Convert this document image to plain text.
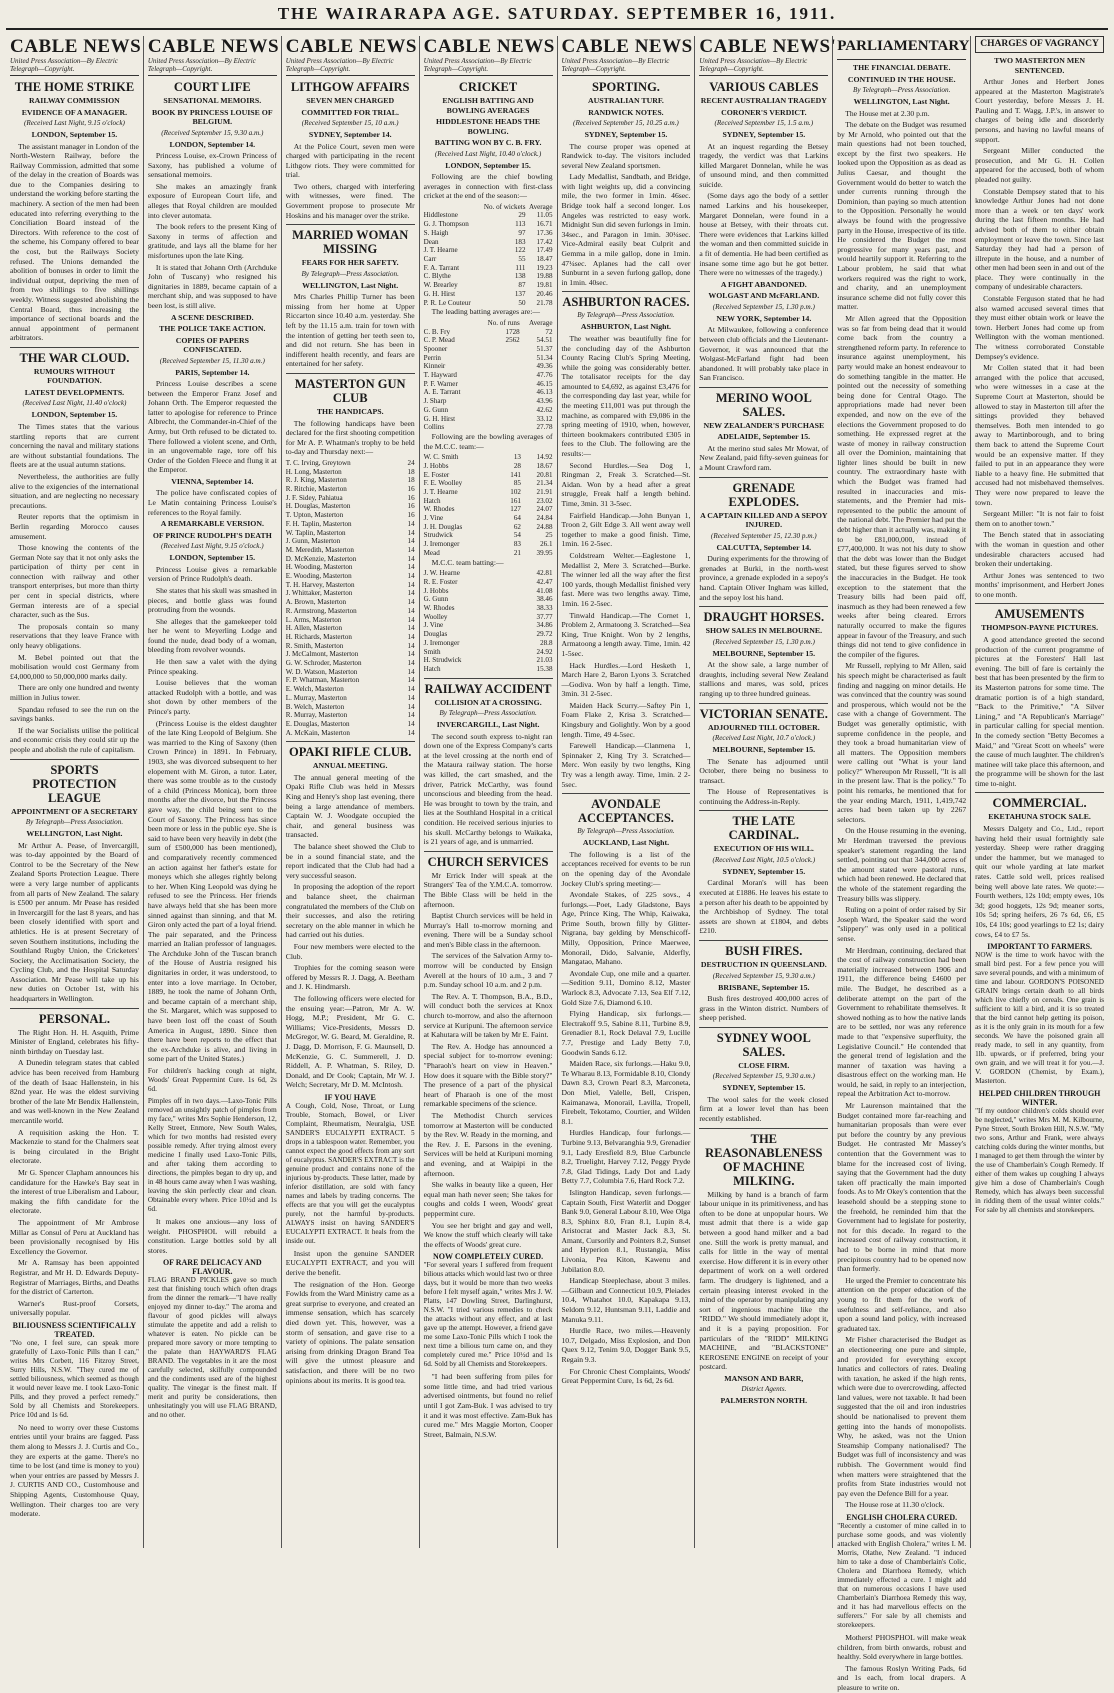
THE WAIRARAPA AGE. SATURDAY. SEPTEMBER 16, 1911.
CABLE NEWS
United Press Association—By Electric Telegraph—Copyright.
THE HOME STRIKE
RAILWAY COMMISSION
EVIDENCE OF A MANAGER.
(Received Last Night, 9.15 o'clock)
LONDON, September 15.

The assistant manager in London of the North-Western Railway, before the Railway Commission, admitted that some of the delay in the creation of Boards was due to the Companies desiring to understand the working before starting the machinery. A section of the men had been educated into referring everything to the Conciliation Board instead of the Directors. With reference to the cost of the scheme, his Company offered to bear the cost, but the Railways Society refused. The Unions demanded the abolition of bonuses in order to limit the individual output, depriving the men of from two shillings to five shillings weekly. Witness suggested abolishing the Central Board, thus increasing the importance of sectional boards and the annual appointment of permanent arbitrators.

THE WAR CLOUD.
RUMOURS WITHOUT FOUNDATION.
LATEST DEVELOPMENTS.
(Received Last Night, 11.40 o'clock)
LONDON, September 15.

The Times states that the various startling reports that are current concerning the naval and military stations are without substantial foundations. The fleets are at the usual autumn stations.

Nevertheless, the authorities are fully alive to the exigencies of the international situation, and are neglecting no necessary precautions.

Reuter reports that the optimism in Berlin regarding Morocco causes amusement.

Those knowing the contents of the German Note say that it not only asks the participation of thirty per cent in connection with railway and other transport enterprises, but more than thirty per cent in special districts, where German interests are of a special character, such as the Sus.

The proposals contain so many reservations that they leave France with only heavy obligations.

M. Bebel pointed out that the mobilisation would cost Germany from £4,000,000 to 50,000,000 marks daily.

There are only one hundred and twenty million in Julius tower.

Spandau refused to see the run on the savings banks.

If the war Socialists utilise the political and economic crisis they could stir up the people and abolish the rule of capitalism.

SPORTS PROTECTION LEAGUE
APPOINTMENT OF A SECRETARY
By Telegraph—Press Association.
WELLINGTON, Last Night.

Mr Arthur A. Pease, of Invercargill, was to-day appointed by the Board of Control to be the Secretary of the New Zealand Sports Protection League. There were a very large number of applicants from all parts of New Zealand. The salary is £500 per annum. Mr Pease has resided in Invercargill for the last 8 years, and has been closely identified with sport and athletics. He is at present Secretary of seven Southern institutions, including the Southland Rugby Union, the Cricketers' Society, the Acclimatisation Society, the Cycling Club, and the Hospital Saturday Association. Mr Pease will take up his new duties on October 1st, with his headquarters in Wellington.

PERSONAL.

The Right Hon. H. H. Asquith, Prime Minister of England, celebrates his fifty-ninth birthday on Tuesday last.

A Dunedin telegram states that cabled advice has been received from Hamburg of the death of Isaac Hallenstein, in his 82nd year. He was the eldest surviving brother of the late Mr Bendix Hallenstein, and was well-known in the New Zealand mercantile world.

A requisition asking the Hon. T. Mackenzie to stand for the Chalmers seat is being circulated in the Bright electorate.

Mr G. Spencer Clapham announces his candidature for the Hawke's Bay seat in the interest of true Liberalism and Labour, making the fifth candidate for the electorate.

The appointment of Mr Ambrose Millar as Consul of Peru at Auckland has been provisionally recognised by His Excellency the Governor.

Mr A. Ramsay has been appointed Registrar, and Mr H. D. Edwards Deputy-Registrar of Marriages, Births, and Deaths for the district of Carterton.

Warner's Rust-proof Corsets, universally popular.

BILIOUSNESS SCIENTIFICALLY TREATED.
"No one, I feel sure, can speak more gratefully of Laxo-Tonic Pills than I can," writes Mrs Corbett, 116 Fitzroy Street, Surry Hills, N.S.W. "They cured me of settled biliousness, which seemed as though it would never leave me. I took Laxo-Tonic Pills, and they proved a perfect remedy." Sold by all Chemists and Storekeepers. Price 10d and 1s 6d.

No need to worry over these Customs entries until your brains are fagged. Pass them along to Messrs J. J. Curtis and Co., they are experts at the game. There's no time to be lost (and time is money to you) when your entries are passed by Messrs J. J. CURTIS AND CO., Customhouse and Shipping Agents, Customhouse Quay, Wellington. Their charges too are very moderate.

CABLE NEWS
United Press Association—By Electric Telegraph—Copyright.
COURT LIFE
SENSATIONAL MEMOIRS.
BOOK BY PRINCESS LOUISE OF BELGIUM.
(Received September 15, 9.30 a.m.)
LONDON, September 14.

Princess Louise, ex-Crown Princess of Saxony, has published a volume of sensational memoirs.

She makes an amazingly frank exposure of European Court life, and alleges that Royal children are moulded into clever automata.

The book refers to the present King of Saxony in terms of affection and gratitude, and lays all the blame for her misfortunes upon the late King.

It is stated that Johann Orth (Archduke John of Tuscany) who resigned his dignitaries in 1889, became captain of a merchant ship, and was supposed to have been lost, is still alive.

A SCENE DESCRIBED.
THE POLICE TAKE ACTION.
COPIES OF PAPERS CONFISCATED.
(Received September 15, 11.30 a.m.)
PARIS, September 14.

Princess Louise describes a scene between the Emperor Franz Josef and Johann Orth. The Emperor requested the latter to apologise for reference to Prince Albrecht, the Commander-in-Chief of the Army, but Orth refused to be dictated to. There followed a violent scene, and Orth, in an ungovernable rage, tore off his Order of the Golden Fleece and flung it at the Emperor.

VIENNA, September 14.

The police have confiscated copies of Le Matin containing Princess Louise's references to the Royal family.

A REMARKABLE VERSION.
OF PRINCE RUDOLPH'S DEATH
(Received Last Night, 9.15 o'clock.)
LONDON, September 15.

Princess Louise gives a remarkable version of Prince Rudolph's death.

She states that his skull was smashed in pieces, and bottle glass was found protruding from the wounds.

She alleges that the gamekeeper told her he went to Meyerling Lodge and found the nude, dead body of a woman, bleeding from revolver wounds.

He then saw a valet with the dying Prince speaking.

Louise believes that the woman attacked Rudolph with a bottle, and was shot down by other members of the Prince's party.

(Princess Louise is the eldest daughter of the late King Leopold of Belgium. She was married to the King of Saxony (then Crown Prince) in 1891. In February, 1903, she was divorced subsequent to her elopement with M. Giron, a tutor. Later, there was some trouble as to the custody of a child (Princess Monica), born three months after the divorce, but the Princess gave way, the child being sent to the Court of Saxony. The Princess has since been more or less in the public eye. She is said to have been very heavily in debt (the sum of £500,000 has been mentioned), and comparatively recently commenced an action against her father's estate for moneys which she alleges rightly belong to her. When King Leopold was dying he refused to see the Princess. Her friends have always held that she has been more sinned against than sinning, and that M. Giron only acted the part of a loyal friend. The pair separated, and the Princess married an Italian professor of languages. The Archduke John of the Tuscan branch of the House of Austria resigned his dignitaries in order, it was understood, to enter into a love marriage. In October, 1889, he took the name of Johann Orth, and became captain of a merchant ship, the St. Margaret, which was supposed to have been lost off the coast of South America in August, 1890. Since then there have been reports to the effect that the ex-Archduke is alive, and living in some part of the United States.)

For children's hacking cough at night, Woods' Great Peppermint Cure. 1s 6d, 2s 6d.
Pimples off in two days.—Laxo-Tonic Pills removed an unsightly patch of pimples from my face," writes Mrs Sophie Henderson, 12, Kelly Street, Enmore, New South Wales, which for two months had resisted every possible remedy. After trying almost every medicine I finally used Laxo-Tonic Pills, and after taking them according to directions, the pimples began to dry up, and in 48 hours came away when I was washing, leaving the skin perfectly clear and clean. Obtainable every where. Price 10½d and 1s 6d.

It makes one anxious—any loss of weight. PHOSPHOL will rebuild a constitution. Large bottles sold by all stores.

OF RARE DELICACY AND FLAVOUR.
FLAG BRAND PICKLES gave so much zest that finishing touch which often drags from the dinner the remark—"I have really enjoyed my dinner to-day." The aroma and flavour of good pickles will always stimulate the appetite and add a relish to whatever is eaten. No pickle can be prepared more savory or more tempting to the palate than HAYWARD'S FLAG BRAND. The vegetables in it are the most carefully selected, skilfully compounded and the condiments used are of the highest quality. The vinegar is the finest malt. If merit and purity be considerations, then unhesitatingly you will use FLAG BRAND, and no other.
CABLE NEWS
United Press Association—By Electric Telegraph—Copyright.
LITHGOW AFFAIRS
SEVEN MEN CHARGED
COMMITTED FOR TRIAL.
(Received September 15, 10 a.m.)
SYDNEY, September 14.

At the Police Court, seven men were charged with participating in the recent Lithgow riots. They were committed for trial.

Two others, charged with interfering with witnesses, were fined. The Government propose to prosecute Mr Hoskins and his manager over the strike.

MARRIED WOMAN MISSING
FEARS FOR HER SAFETY.
By Telegraph—Press Association.
WELLINGTON, Last Night.

Mrs Charles Phillip Turner has been missing from her home at Upper Riccarton since 10.40 a.m. yesterday. She left by the 11.15 a.m. train for town with the intention of getting her teeth seen to, and did not return. She has been in indifferent health recently, and fears are entertained for her safety.

MASTERTON GUN CLUB
THE HANDICAPS.

The following handicaps have been declared for the first shooting competition for Mr A. P. Whatman's trophy to be held to-day and Thursday next:—

T. C. Irving, Greytown	24
H. Long, Masterton	18
R. J. King, Masterton	18
R. Ritchie, Masterton	16
J. F. Sidey, Pahiatua	16
H. Douglas, Masterton	16
T. Upton, Masterton	16
F. H. Taplin, Masterton	14
W. Taplin, Masterton	14
J. Gunn, Masterton	14
M. Meredith, Masterton	14
D. McKenzie, Masterton	14
H. Wooding, Masterton	14
E. Wooding, Masterton	14
T. H. Harvey, Masterton	14
J. Whittaker, Masterton	14
A. Brown, Masterton	14
R. Armstrong, Masterton	14
L. Arms, Masterton	14
H. Allen, Masterton	14
H. Richards, Masterton	14
R. Smith, Masterton	14
J. McCalmont, Masterton	14
G. W. Schroder, Masterton	14
W. D. Watson, Masterton	14
F. P. Whatman, Masterton	14
E. Welch, Masterton	14
L. Murray, Masterton	14
B. Welch, Masterton	14
R. Murray, Masterton	14
E. Douglas, Masterton	14
A. McKain, Masterton	14
OPAKI RIFLE CLUB.
ANNUAL MEETING.

The annual general meeting of the Opaki Rifle Club was held in Messrs King and Henry's shop last evening, there being a large attendance of members. Captain W. J. Woodgate occupied the chair, and general business was transacted.

The balance sheet showed the Club to be in a sound financial state, and the report indicated that the Club had had a very successful season.

In proposing the adoption of the report and balance sheet, the chairman congratulated the members of the Club on their successes, and also the retiring secretary on the able manner in which he had carried out his duties.

Four new members were elected to the Club.

Trophies for the coming season were offered by Messrs R. J. Dagg, A. Beetham and J. K. Hindmarsh.

The following officers were elected for the ensuing year:—Patron, Mr A. W. Hogg, M.P.; President, Mr G. C. Williams; Vice-Presidents, Messrs D. McGregor, W. G. Beard, M. Geraldine, R. J. Dagg, D. Morrison, F. G. Maunsell, D. McKenzie, G. C. Summerell, J. D. Riddell, A. P. Whatman, S. Riley, D. Donald, and Dr Cook; Captain, Mr W. J. Welch; Secretary, Mr D. M. McIntosh.

IF YOU HAVE
A Cough, Cold, Nose, Throat, or Lung Trouble, Stomach, Bowel, or Liver Complaint, Rheumatism, Neuralgia, USE SANDER'S EUCALYPTI EXTRACT. 5 drops in a tablespoon water. Remember, you cannot expect the good effects from any sort of eucalyptus. SANDER'S EXTRACT is the genuine product and contains none of the injurious by-products. These latter, made by inferior distillation, are sold with fancy names and labels by trading concerns. The effects are that you will get the eucalyptus purely, not the harmful by-products. ALWAYS insist on having SANDER'S EUCALYPTI EXTRACT. It heals from the inside out.

Insist upon the genuine SANDER EUCALYPTI EXTRACT, and you will derive the benefit.

The resignation of the Hon. George Fowlds from the Ward Ministry came as a great surprise to everyone, and created an immense sensation, which has scarcely died down yet. This, however, was a storm of sensation, and gave rise to a variety of opinions. The palate sensation arising from drinking Dragon Brand Tea will give the utmost pleasure and satisfaction, and there will be no two opinions about its merits. It is good tea.

CABLE NEWS
United Press Association—By Electric Telegraph—Copyright.
CRICKET
ENGLISH BATTING AND BOWLING AVERAGES
HIDDLESTONE HEADS THE BOWLING.
BATTING WON BY C. B. FRY.
(Received Last Night, 10.40 o'clock.)
LONDON, September 15.

Following are the chief bowling averages in connection with first-class cricket at the end of the season:—

	No. of wickets	Average
Hiddlestone	29	11.05
G. J. Thompson	113	16.71
S. Haigh	97	17.36
Dean	183	17.42
J. T. Hearne	122	17.49
Carr	55	18.47
F. A. Tarrant	111	19.23
C. Blythe	138	19.88
W. Brearley	87	19.81
G. H. Hirst	137	20.46
P. R. Le Couteur	50	21.78

The leading batting averages are:—

	No. of runs	Average
C. B. Fry	1728	72
C. P. Mead	2562	54.51
Spooner		51.37
Perrin		51.34
Kinneir		49.36
T. Hayward		47.76
P. F. Warner		46.15
A. E. Tarrant		46.13
J. Sharp		43.96
G. Gunn		42.62
G. H. Hirst		33.12
Collins		27.78

Following are the bowling averages of the M.C.C. team:—

W. C. Smith	13	14.92
J. Hobbs	28	18.67
E. Foster	141	20.81
F. E. Woolley	85	21.34
J. T. Hearne	102	21.91
Hatch	161	23.02
W. Rhodes	127	24.07
J. Vine	64	24.84
J. H. Douglas	62	24.88
Strudwick	54	25
J. Iremonger	83	26.1
Mead	21	39.95

M.C.C. team batting:—

J. W. Hearne		42.81
R. E. Foster		42.47
J. Hobbs		41.08
G. Gunn		38.46
W. Rhodes		38.33
Woolley		37.77
J. Vine		34.86
Douglas		29.72
J. Iremonger		28.8
Smith		24.92
H. Strudwick		21.03
Hatch		15.38
RAILWAY ACCIDENT
COLLISION AT A CROSSING.
By Telegraph—Press Association.
INVERCARGILL, Last Night.

The second south express to-night ran down one of the Express Company's carts at the level crossing at the north end of the Mataura railway station. The horse was killed, the cart smashed, and the driver, Patrick McCarthy, was found unconscious and bleeding from the head. He was brought to town by the train, and lies at the Southland Hospital in a critical condition. He received serious injuries to his skull. McCarthy belongs to Waikaka, is 21 years of age, and is unmarried.

CHURCH SERVICES

Mr Errick Inder will speak at the Strangers' Tea of the Y.M.C.A. tomorrow. The Bible Class will be held in the afternoon.

Baptist Church services will be held in Murray's Hall to-morrow morning and evening. There will be a Sunday school and men's Bible class in the afternoon.

The services of the Salvation Army to-morrow will be conducted by Ensign Averell at the hours of 10 a.m., 3 and 7 p.m. Sunday school 10 a.m. and 2 p.m.

The Rev. A. T. Thompson, B.A., B.D., will conduct both the services at Knox church to-morrow, and also the afternoon service at Kuripuni. The afternoon service at Kahutara will be taken by Mr E. Faint.

The Rev. A. Hodge has announced a special subject for to-morrow evening: "Pharaoh's heart on view in Heaven." How does it square with the Bible story?" The presence of a part of the physical heart of Pharaoh is one of the most remarkable specimens of the science.

The Methodist Church services tomorrow at Masterton will be conducted by the Rev. W. Ready in the morning, and the Rev. J. E. Parsons in the evening. Services will be held at Kuripuni morning and evening, and at Waipipi in the afternoon.

She walks in beauty like a queen, Her equal man hath never seen; She takes for coughs and colds I ween, Woods' great peppermint cure.

You see her bright and gay and well, We know the stuff which clearly will take the effects of Woods' great cure.

NOW COMPLETELY CURED.
"For several years I suffered from frequent bilious attacks which would last two or three days, but it would be more than two weeks before I felt myself again," writes Mrs J. W. Platts, 147 Dowling Street, Darlinghurst, N.S.W. "I tried various remedies to check the attacks without any effect, and at last gave up the attempt. However, a friend gave me some Laxo-Tonic Pills which I took the next time a bilious turn came on, and they completely cured me." Price 10½d and 1s 6d. Sold by all Chemists and Storekeepers.

"I had been suffering from piles for some little time, and had tried various advertised ointments, but found no relief until I got Zam-Buk. I was advised to try it and it was most effective. Zam-Buk has cured me." Mrs Maggie Morton, Cooper Street, Balmain, N.S.W.

CABLE NEWS
United Press Association—By Electric Telegraph—Copyright.
SPORTING.
AUSTRALIAN TURF.
RANDWICK NOTES.
(Received September 15, 10.25 a.m.)
SYDNEY, September 15.

The course proper was opened at Randwick to-day. The visitors included several New Zealand sportsmen.

Lady Medallist, Sandbath, and Bridge, with light weights up, did a convincing mile, the two former in 1min. 46sec. Bridge took half a second longer. Los Angeles was restricted to easy work. Midnight Sun did seven furlongs in 1min. 34sec., and Paragon in 1min. 30¼sec. Vice-Admiral easily beat Culprit and Gemma in a mile gallop, done in 1min. 47¼sec. Aplanes had the call over Sunburnt in a seven furlong gallop, done in 1min. 40sec.

ASHBURTON RACES.
By Telegraph—Press Association.
ASHBURTON, Last Night.

The weather was beautifully fine for the concluding day of the Ashburton County Racing Club's Spring Meeting, while the going was considerably better. The totalisator receipts for the day amounted to £4,692, as against £3,476 for the corresponding day last year, while for the meeting £11,001 was put through the machine, as compared with £9,086 in the spring meeting of 1910, when, however, thirteen bookmakers contributed £305 in fees to the Club. The following are the results:—

Second Hurdles.—Sea Dog 1, Ringman 2, Freak 3. Scratched—St. Aidan. Won by a head after a great struggle, Freak half a length behind. Time, 3min. 31 3-5sec.

Fairfield Handicap.—John Bunyan 1, Troon 2, Gilt Edge 3. All went away well together to make a good finish. Time, 1min. 16 2-5sec.

Coldstream Welter.—Eaglestone 1, Medallist 2, Mere 3. Scratched—Burke. The winner led all the way after the first 100 yards, though Medallist finished very fast. Mere was two lengths away. Time, 1min. 16 2-5sec.

Tinwald Handicap.—The Cornet 1, Problem 2, Armatoong 3. Scratched—Sea King, True Knight. Won by 2 lengths, Armatoong a length away. Time, 1min. 42 1-5sec.

Hack Hurdles.—Lord Hesketh 1, March Hare 2, Baron Lyons 3. Scratched—Godiva. Won by half a length. Time, 3min. 31 2-5sec.

Maiden Hack Scurry.—Saftey Pin 1, Foam Flake 2, Krisa 3. Scratched—Kingsbury and Golightly. Won by a good length. Time, 49 4-5sec.

Farewell Handicap.—Clanmena 1, Spinnaker 2, King Try 3. Scratched—Merc. Won easily by two lengths, King Try was a length away. Time, 1min. 2 2-5sec.

AVONDALE ACCEPTANCES.
By Telegraph—Press Association.
AUCKLAND, Last Night.

The following is a list of the acceptances received for events to be run on the opening day of the Avondale Jockey Club's spring meeting:—

Avondale Stakes, of 225 sovs., 4 furlongs.—Poet, Lady Gladstone, Bays Age, Prince King, The Whip, Kaiwaka, Prime South, brown filly by Glitter-Nigrana, bay gelding by Menschicoff-Milly, Opposition, Prince Maerwee, Monorail, Dido, Salvanie, Alderfly, Mangatao, Mahano.

Avondale Cup, one mile and a quarter.—Sedition 9.11, Domino 8.12, Master Warlock 8.3, Advocate 7.13, Sea Elf 7.12, Gold Size 7.6, Diamond 6.10.

Flying Handicap, six furlongs.—Electrakoff 9.5, Sabine 8.11, Turbine 8.9, Grenadier 8.1, Rock Delaval 7.9, Lucille 7.7, Prestige and Lady Betty 7.0, Goodwin Sands 6.12.

Maiden Race, six furlongs.—Haku 9.0, Te Wharau 8.13, Formidable 8.10, Clondy Dawn 8.3, Crown Pearl 8.3, Marconeta, Don Miel, Valelle, Bell, Crispen, Kaimanawa, Monorail, Lavilla, Tropell, Firebelt, Tekotamo, Courtier, and Wilden 8.1.

Hurdles Handicap, four furlongs.—Turbine 9.13, Belvaranghia 9.9, Grenadier 9.1, Lady Eresfield 8.9, Blue Carbuncle 8.2, Truelight, Harvey 7.12, Peggy Pryde 7.8, Glad Tidings, Lady Dot and Lady Betty 7.7, Columbia 7.6, Hard Rock 7.2.

Islington Handicap, seven furlongs.—Captain South, First Waterlit and Dogger Bank 9.0, General Labour 8.10, Wee Olga 8.3, Sphinx 8.0, Fran 8.1, Lupin 8.4, Aristocrat and Master Jack 8.3, St. Amant, Cursorily and Pointers 8.2, Sunset and Hyperion 8.1, Rustangia, Miss Livonia, Pea Kiton, Kawenu and Jubilation 8.0.

Handicap Steeplechase, about 3 miles.—Gilbaun and Connecticut 10.9, Pleiades 10.4, Whatahot 10.0, Kapakapa 9.13, Seldom 9.12, Huntsman 9.11, Laddie and Manuka 9.11.

Hurdle Race, two miles.—Heavenly 10.7, Delgado, Miss Explosion, and Don Quex 9.12, Tenim 9.0, Dogger Bank 9.5, Regain 9.3.

For Chronic Chest Complaints, Woods' Great Peppermint Cure, 1s 6d, 2s 6d.

CABLE NEWS'
United Press Association—By Electric Telegraph—Copyright.
VARIOUS CABLES
RECENT AUSTRALIAN TRAGEDY
CORONER'S VERDICT.
(Received September 15, 1.5 a.m.)
SYDNEY, September 15.

At an inquest regarding the Betsey tragedy, the verdict was that Larkins killed Margaret Donnelan, while he was of unsound mind, and then committed suicide.

(Some days ago the body of a settler named Larkins and his housekeeper, Margaret Donnelan, were found in a house at Betsey, with their throats cut. There were evidences that Larkins killed the woman and then committed suicide in a fit of dementia. He had been certified as insane some time ago but he got better. There were no witnesses of the tragedy.)

A FIGHT ABANDONED.
WOLGAST AND McFARLAND.
(Received September 15, 1.30 p.m.)
NEW YORK, September 14.

At Milwaukee, following a conference between club officials and the Lieutenant-Governor, it was announced that the Wolgast-McFarland fight had been abandoned. It will probably take place in San Francisco.

MERINO WOOL SALES.
NEW ZEALANDER'S PURCHASE
ADELAIDE, September 15.

At the merino stud sales Mr Mowat, of New Zealand, paid fifty-seven guineas for a Mount Crawford ram.

GRENADE EXPLODES.
A CAPTAIN KILLED AND A SEPOY INJURED.
(Received September 15, 12.30 p.m.)
CALCUTTA, September 14.

During experiments for the throwing of grenades at Burki, in the north-west province, a grenade exploded in a sepoy's hand. Captain Oliver Ingham was killed, and the sepoy lost his hand.

DRAUGHT HORSES.
SHOW SALES IN MELBOURNE.
(Received September 15, 1.30 p.m.)
MELBOURNE, September 15.

At the show sale, a large number of draughts, including several New Zealand stallions and mares, was sold, prices ranging up to three hundred guineas.

VICTORIAN SENATE.
ADJOURNED TILL OCTOBER.
(Received Last Night, 10.7 o'clock.)
MELBOURNE, September 15.

The Senate has adjourned until October, there being no business to transact.

The House of Representatives is continuing the Address-in-Reply.

THE LATE CARDINAL.
EXECUTION OF HIS WILL.
(Received Last Night, 10.5 o'clock.)
SYDNEY, September 15.

Cardinal Moran's will has been executed at £1886. He leaves his estate to a person after his death to be appointed by the Archbishop of Sydney. The total assets are shown at £1804, and debts £210.

BUSH FIRES.
DESTRUCTION IN QUEENSLAND.
(Received September 15, 9.30 a.m.)
BRISBANE, September 15.

Bush fires destroyed 400,000 acres of grass in the Winton district. Numbers of sheep perished.

SYDNEY WOOL SALES.
CLOSE FIRM.
(Received September 15, 9.30 a.m.)
SYDNEY, September 15.

The wool sales for the week closed firm at a lower level than has been recently established.

THE REASONABLENESS OF MACHINE MILKING.

Milking by hand is a branch of farm labour unique in its primitiveness, and has often to be done at unpopular hours. We must admit that there is a wide gap between a good hand milker and a bad one. Still the work is pretty manual, and calls for little in the way of mental exercise. How different it is in every other department of work on a well ordered farm. The drudgery is lightened, and a certain pleasing interest evoked in the mind of the operator by manipulating any sort of ingenious machine like the "RIDD." We should immediately adopt it, and it is a paying proposition. For particulars of the "RIDD" MILKING MACHINE, and "BLACKSTONE" KEROSENE ENGINE on receipt of your postcard.

MANSON AND BARR,
District Agents.
PALMERSTON NORTH.
PARLIAMENTARY
THE FINANCIAL DEBATE.
CONTINUED IN THE HOUSE.
By Telegraph—Press Association.
WELLINGTON, Last Night.

The House met at 2.30 p.m.

The debate on the Budget was resumed by Mr Arnold, who pointed out that the main questions had not been touched, except by the first two speakers. He looked upon the Opposition as as dead as Julius Caesar, and thought the Government would do better to watch the under currents running through the Dominion, than paying so much attention to the Opposition. Personally he would always be found with the progressive party in the House, irrespective of its title. He considered the Budget the most progressive for many years past, and would heartily support it. Referring to the Labour problem, he said that what workers required was the right to work, and charity, and an unemployment insurance scheme did not fully cover this matter.

Mr Allen agreed that the Opposition was so far from being dead that it would come back from the country a strengthened reform party. In reference to insurance against unemployment, his party would make an honest endeavour to do something tangible in the matter. He pointed out the necessity of something being done for Central Otago. The appropriations made had never been expended, and now on the eve of the elections the Government proposed to do something. He expressed regret at the waste of money in railway construction all over the Dominion, maintaining that lighter lines should be built in new country. The extraordinary haste with which the Budget was framed had resulted in inaccuracies and mis-statements, and the Premier had mis-represented to the public the amount of the national debt. The Premier had put the debt higher than it actually was, making it to be £81,000,000, instead of £77,400,000. It was not his duty to show that the debt was lower than the Budget stated, but these figures served to show the inaccuracies in the Budget. He took exception to the statement that the Treasury bills had been paid off, inasmuch as they had been renewed a few weeks after being cleared. Errors naturally occurred to make the figures appear in favour of the Treasury, and such things did not tend to give confidence in the compiler of the figures.

Mr Russell, replying to Mr Allen, said his speech might be characterised as fault finding and nagging on minor details. He was convinced that the country was sound and prosperous, which would not be the case with a change of Government. The Budget was generally optimistic, with supreme confidence in the people, and they took a broad humanitarian view of all matters. The Opposition members were calling out "What is your land policy?" Whereupon Mr Russell, "It is all in the present law. That is the policy." To point his remarks, he mentioned that for the year ending March, 1911, 1,419,742 acres had been taken up by 2267 selectors.

On the House resuming in the evening, Mr Herdman traversed the previous speaker's statement regarding the land settled, pointing out that 344,000 acres of the amount stated were pastoral runs, which had been renewed. He declared that the whole of the statement regarding the Treasury bills was slippery.

Ruling on a point of order raised by Sir Joseph Ward, the Speaker said the word "slippery" was only used in a political sense.

Mr Herdman, continuing, declared that the cost of railway construction had been materially increased between 1906 and 1911, the difference being £4600 per mile. The Budget, he described as a deliberate attempt on the part of the Government to rehabilitate themselves. It showed nothing as to how the native lands are to be settled, nor was any reference made to that "expensive superfluity, the Legislative Council." He contended that the general trend of legislation and the manner of taxation was having a disastrous effect on the working man. He would, he said, in reply to an interjection, repeal the Arbitration Act to-morrow.

Mr Laurenson maintained that the Budget contained more far-reaching and humanitarian proposals than were ever put before the country by any previous Budget. He contrasted Mr Massey's contention that the Government was to blame for the increased cost of living, saying that the Government had the duty taken off practically the main imported foods. As to Mr Okey's contention that the leasehold should be a stepping stone to the freehold, he reminded him that the Government had to legislate for posterity, not for this decade. In regard to the increased cost of railway construction, it had to be borne in mind that more precipitous country had to be opened now than formerly.

He urged the Premier to concentrate his attention on the proper education of the young to fit them for the work of usefulness and self-reliance, and also upon a sound land policy, with increased graduated tax.

Mr Fisher characterised the Budget as an electioneering one pure and simple, and provided for everything except lunatics and collectors of rates. Dealing with taxation, he asked if the high rents, which were due to overcrowding, affected land values, were not taxable. It had been suggested that the oil and iron industries should be nationalised to prevent them getting into the hands of monopolists. Why, he asked, was not the Union Steamship Company nationalised? The Budget was full of inconsistency and was rubbish. The Government would find when matters were straightened that the profits from State industries would not pay even the Defence Bill for a year.

The House rose at 11.30 o'clock.

ENGLISH CHOLERA CURED.
"Recently a customer of mine called in to purchase some goods, and was violently attacked with English Cholera," writes I. M. Morris, Olathe, New Zealand. "I induced him to take a dose of Chamberlain's Colic, Cholera and Diarrhoea Remedy, which immediately effected a cure. I might add that on numerous occasions I have used Chamberlain's Diarrhoea Remedy this way, and it has had marvellous effects on the sufferers." For sale by all chemists and storekeepers.

Mothers! PHOSPHOL will make weak children, from birth onwards, robust and healthy. Sold everywhere in large bottles.

The famous Roslyn Writing Pads, 6d and 1s each, from local drapers. A pleasure to write on.

CHARGES OF VAGRANCY
TWO MASTERTON MEN SENTENCED.

Arthur Jones and Herbert Jones appeared at the Masterton Magistrate's Court yesterday, before Messrs J. H. Pauling and T. Wagg, J.P.'s, in answer to charges of being idle and disorderly persons, and having no lawful means of support.

Sergeant Miller conducted the prosecution, and Mr G. H. Collen appeared for the accused, both of whom pleaded not guilty.

Constable Dempsey stated that to his knowledge Arthur Jones had not done more than a week or ten days' work during the last fifteen months. He had advised both of them to either obtain employment or leave the town. Since last Saturday they had had a person of illrepute in the house, and a number of other men had been seen in and out of the place. They were continually in the company of undesirable characters.

Constable Ferguson stated that he had also warned accused several times that they must either obtain work or leave the town. Herbert Jones had come up from Wellington with the woman mentioned. The witness corroborated Constable Dempsey's evidence.

Mr Collen stated that it had been arranged with the police that accused, who were witnesses in a case at the Supreme Court at Masterton, should be allowed to stay in Masterton till after the sittings provided they behaved themselves. Both men intended to go away to Martinborough, and to bring them back to attend the Supreme Court would be an expensive matter. If they failed to put in an appearance they were liable to a heavy fine. He submitted that accused had not misbehaved themselves. They were now prepared to leave the town.

Sergeant Miller: "It is not fair to foist them on to another town."

The Bench stated that in associating with the woman in question and other undesirable characters accused had broken their undertaking.

Arthur Jones was sentenced to two months' imprisonment, and Herbert Jones to one month.

AMUSEMENTS
THOMPSON-PAYNE PICTURES.

A good attendance greeted the second production of the current programme of pictures at the Foresters' Hall last evening. The bill of fare is certainly the best that has been presented by the firm to its Masterton patrons for some time. The dramatic portion is of a high standard, "Back to the Primitive," "A Silver Lining," and "A Republican's Marriage" in particular calling for special mention. In the comedy section "Betty Becomes a Maid," and "Great Scott on wheels" were the cause of much laughter. The children's matinee will take place this afternoon, and the programme will be shown for the last time to-night.

COMMERCIAL.
EKETAHUNA STOCK SALE.

Messrs Dalgety and Co., Ltd., report having held their usual fortnightly sale yesterday. Sheep were rather dragging under the hammer, but we managed to quit our whole yarding at late market rates. Cattle sold well, prices realised being well above late rates. We quote:—Fourth wethers, 12s 10d; empty ewes, 10s 3d; good hoggets, 12s 9d; meaner sorts, 10s 5d; spring heifers, 26 7s 6d, £6, £5 10s, £4 10s; good yearlings to £2 1s; dairy cows, £4 to £7 5s.

IMPORTANT TO FARMERS.
NOW is the time to work havoc with the small bird pest. For a few pence you will save several pounds, and with a minimum of time and labour. GORDON'S POISONED GRAIN brings certain death to all birds which live chiefly on cereals. One grain is sufficient to kill a bird, and it is so treated that the bird cannot help getting its poison, as it is the only grain in its mouth for a few seconds. We have the poisoned grain all ready made, to sell in any quantity, from 1lb. upwards, or if preferred, bring your own grain, and we will treat it for you.—J. V. GORDON (Chemist, by Exam.), Masterton.
HELPED CHILDREN THROUGH WINTER.
"If my outdoor children's colds should ever be neglected," writes Mrs M. M. Kilbourne, Pyne Street, South Broken Hill, N.S.W. "My two sons, Arthur and Frank, were always catching colds during the winter months, but I managed to get them through the winter by the use of Chamberlain's Cough Remedy. If either of them wakes up coughing I always give him a dose of Chamberlain's Cough Remedy, which has always been successful in ridding them of the usual winter colds." For sale by all chemists and storekeepers.
